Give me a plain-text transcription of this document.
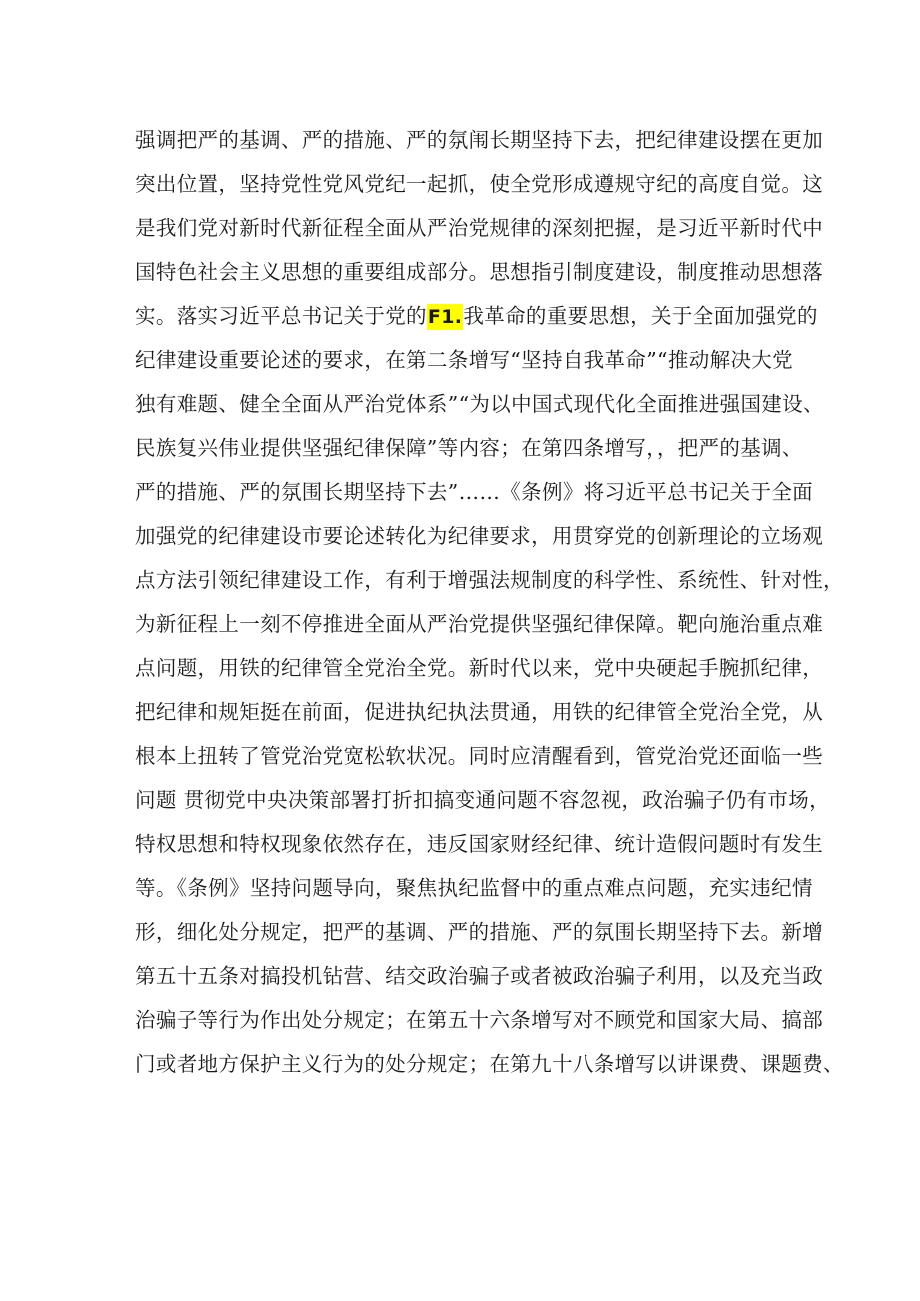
强调把严的基调、严的措施、严的氛闱长期坚持下去，把纪律建设摆在更加
突出位置，坚持党性党风党纪一起抓，使全党形成遵规守纪的高度自觉。这
是我们党对新时代新征程全面从严治党规律的深刻把握，是习近平新时代中
国特色社会主义思想的重要组成部分。思想指引制度建设，制度推动思想落
实。落实习近平总书记关于党的F1.我革命的重要思想，关于全面加强党的
纪律建设重要论述的要求，在第二条增写“坚持自我革命”“推动解决大党
独有难题、健全全面从严治党体系”“为以中国式现代化全面推进强国建设、
民族复兴伟业提供坚强纪律保障”等内容；在第四条增写，，把严的基调、
严的措施、严的氛围长期坚持下去”……《条例》将习近平总书记关于全面
加强党的纪律建设市要论述转化为纪律要求，用贯穿党的创新理论的立场观
点方法引领纪律建设工作，有利于增强法规制度的科学性、系统性、针对性，
为新征程上一刻不停推进全面从严治党提供坚强纪律保障。靶向施治重点难
点问题，用铁的纪律管全党治全党。新时代以来，党中央硬起手腕抓纪律，
把纪律和规矩挺在前面，促进执纪执法贯通，用铁的纪律管全党治全党，从
根本上扭转了管党治党宽松软状况。同时应清醒看到，管党治党还面临一些
问题 贯彻党中央决策部署打折扣搞变通问题不容忽视，政治骗子仍有市场，
特权思想和特权现象依然存在，违反国家财经纪律、统计造假问题时有发生
等。《条例》坚持问题导向，聚焦执纪监督中的重点难点问题，充实违纪情
形，细化处分规定，把严的基调、严的措施、严的氛围长期坚持下去。新增
第五十五条对搞投机钻营、结交政治骗子或者被政治骗子利用，以及充当政
治骗子等行为作出处分规定；在第五十六条增写对不顾党和国家大局、搞部
门或者地方保护主义行为的处分规定；在第九十八条增写以讲课费、课题费、
